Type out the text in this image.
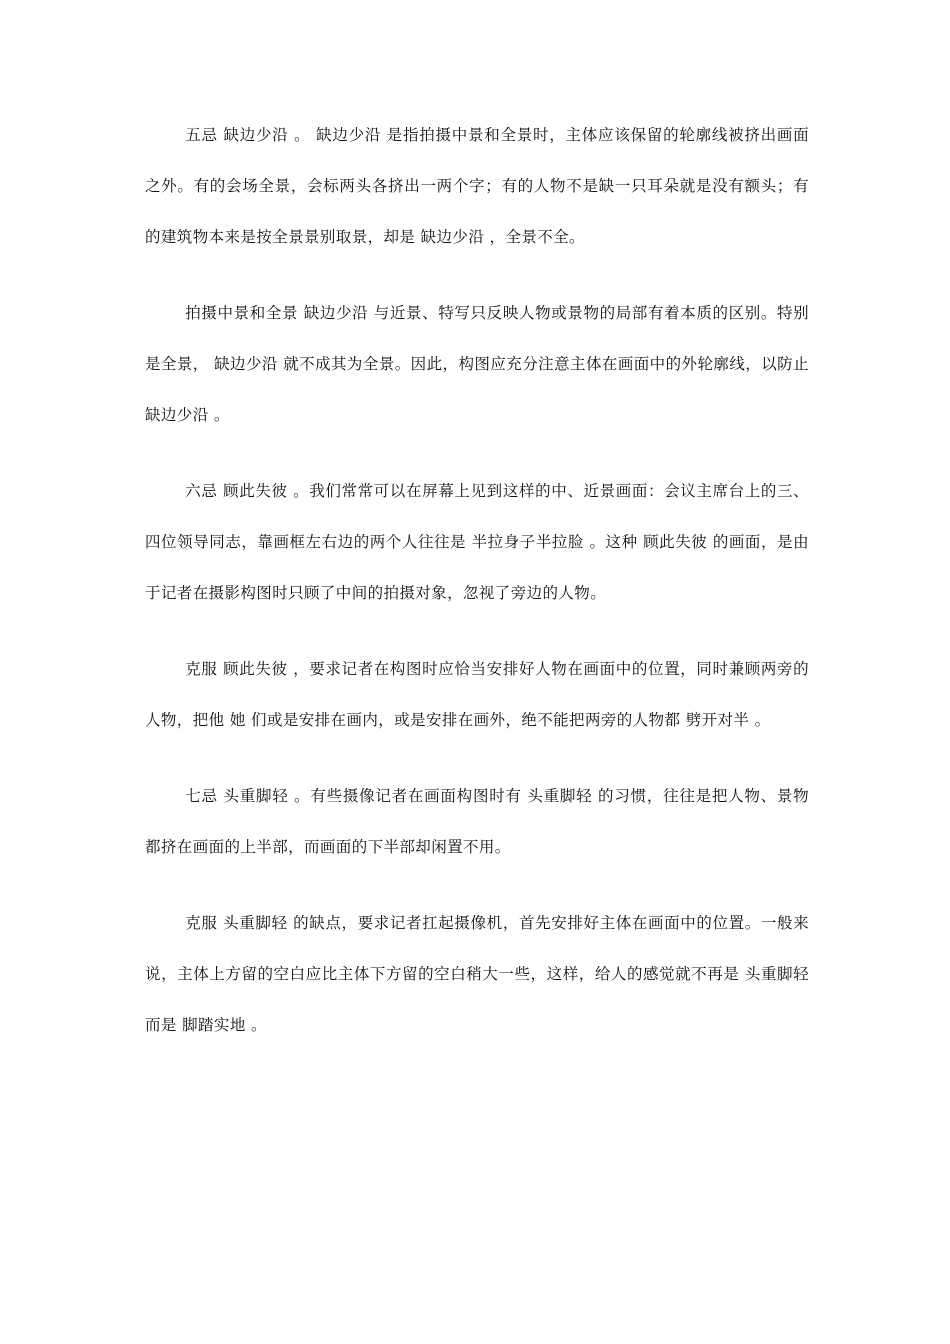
五忌 缺边少沿 。 缺边少沿 是指拍摄中景和全景时，主体应该保留的轮廓线被挤出画面之外。有的会场全景，会标两头各挤出一两个字；有的人物不是缺一只耳朵就是没有额头；有的建筑物本来是按全景景别取景，却是 缺边少沿 ，全景不全。

拍摄中景和全景 缺边少沿 与近景、特写只反映人物或景物的局部有着本质的区别。特别是全景， 缺边少沿 就不成其为全景。因此，构图应充分注意主体在画面中的外轮廓线，以防止 缺边少沿 。

六忌 顾此失彼 。我们常常可以在屏幕上见到这样的中、近景画面：会议主席台上的三、四位领导同志，靠画框左右边的两个人往往是 半拉身子半拉脸 。这种 顾此失彼 的画面，是由于记者在摄影构图时只顾了中间的拍摄对象，忽视了旁边的人物。

克服 顾此失彼 ，要求记者在构图时应恰当安排好人物在画面中的位置，同时兼顾两旁的人物，把他 她 们或是安排在画内，或是安排在画外，绝不能把两旁的人物都 劈开对半 。

七忌 头重脚轻 。有些摄像记者在画面构图时有 头重脚轻 的习惯，往往是把人物、景物都挤在画面的上半部，而画面的下半部却闲置不用。

克服 头重脚轻 的缺点，要求记者扛起摄像机，首先安排好主体在画面中的位置。一般来说，主体上方留的空白应比主体下方留的空白稍大一些，这样，给人的感觉就不再是 头重脚轻 而是 脚踏实地 。
